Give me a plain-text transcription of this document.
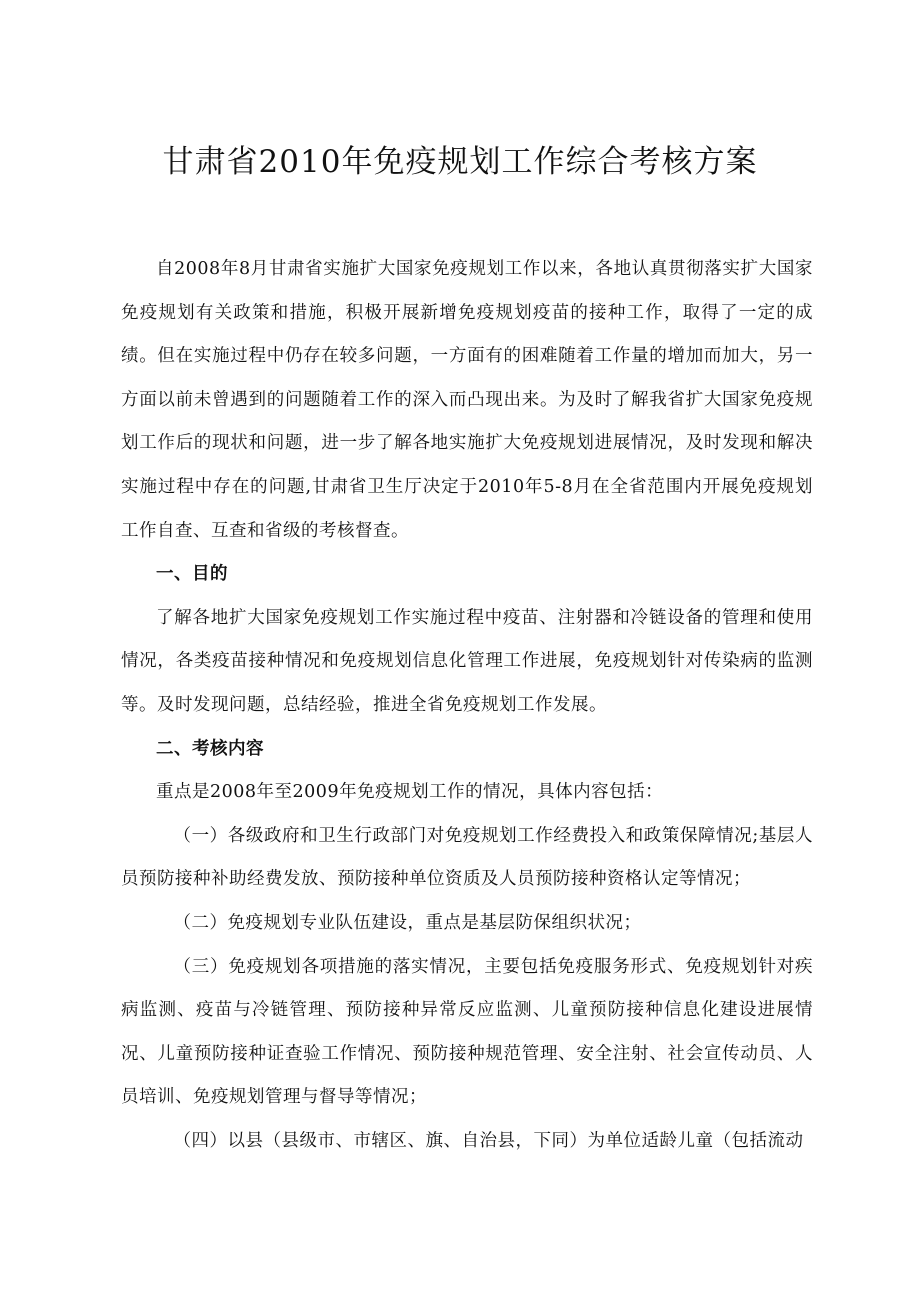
甘肃省2010年免疫规划工作综合考核方案

自2008年8月甘肃省实施扩大国家免疫规划工作以来，各地认真贯彻落实扩大国家免疫规划有关政策和措施，积极开展新增免疫规划疫苗的接种工作，取得了一定的成绩。但在实施过程中仍存在较多问题，一方面有的困难随着工作量的增加而加大，另一方面以前未曾遇到的问题随着工作的深入而凸现出来。为及时了解我省扩大国家免疫规划工作后的现状和问题，进一步了解各地实施扩大免疫规划进展情况，及时发现和解决实施过程中存在的问题,甘肃省卫生厅决定于2010年5-8月在全省范围内开展免疫规划工作自查、互查和省级的考核督查。

一、目的

了解各地扩大国家免疫规划工作实施过程中疫苗、注射器和冷链设备的管理和使用情况，各类疫苗接种情况和免疫规划信息化管理工作进展，免疫规划针对传染病的监测等。及时发现问题，总结经验，推进全省免疫规划工作发展。

二、考核内容

重点是2008年至2009年免疫规划工作的情况，具体内容包括：

（一）各级政府和卫生行政部门对免疫规划工作经费投入和政策保障情况;基层人员预防接种补助经费发放、预防接种单位资质及人员预防接种资格认定等情况；

（二）免疫规划专业队伍建设，重点是基层防保组织状况；

（三）免疫规划各项措施的落实情况，主要包括免疫服务形式、免疫规划针对疾病监测、疫苗与冷链管理、预防接种异常反应监测、儿童预防接种信息化建设进展情况、儿童预防接种证查验工作情况、预防接种规范管理、安全注射、社会宣传动员、人员培训、免疫规划管理与督导等情况；

（四）以县（县级市、市辖区、旗、自治县，下同）为单位适龄儿童（包括流动
